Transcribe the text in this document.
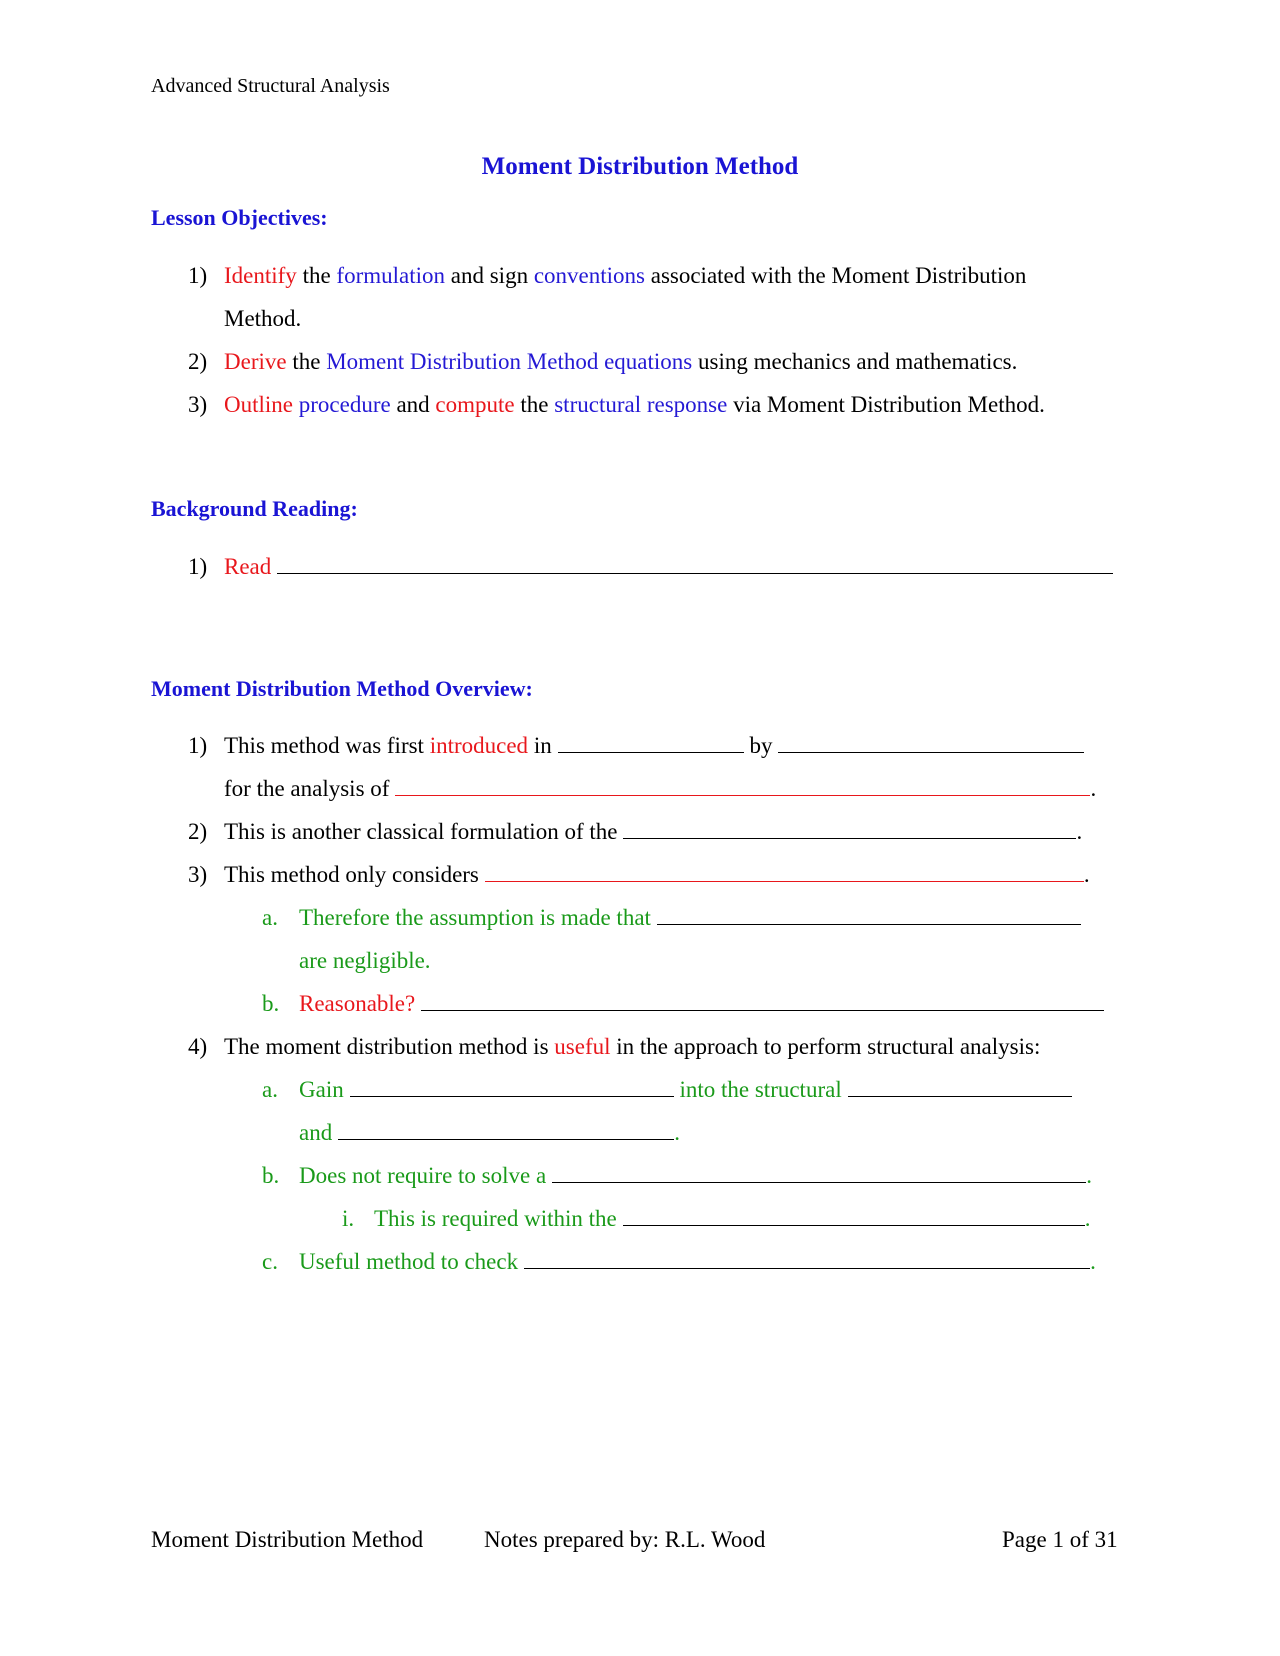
Advanced Structural Analysis
Moment Distribution Method
Lesson Objectives:
1) Identify the formulation and sign conventions associated with the Moment Distribution
Method.
2) Derive the Moment Distribution Method equations using mechanics and mathematics.
3) Outline procedure and compute the structural response via Moment Distribution Method.
Background Reading:
1) Read
Moment Distribution Method Overview:
1) This method was first introduced in	by
for the analysis of	.
2) This is another classical formulation of the	.
3) This method only considers	.
a. Therefore the assumption is made that
are negligible.
b. Reasonable?
4) The moment distribution method is useful in the approach to perform structural analysis:
a. Gain	into the structural
and	.
b. Does not require to solve a	.
i. This is required within the	.
c. Useful method to check	.
Moment Distribution Method	Notes prepared by: R.L. Wood	Page 1 of 31
